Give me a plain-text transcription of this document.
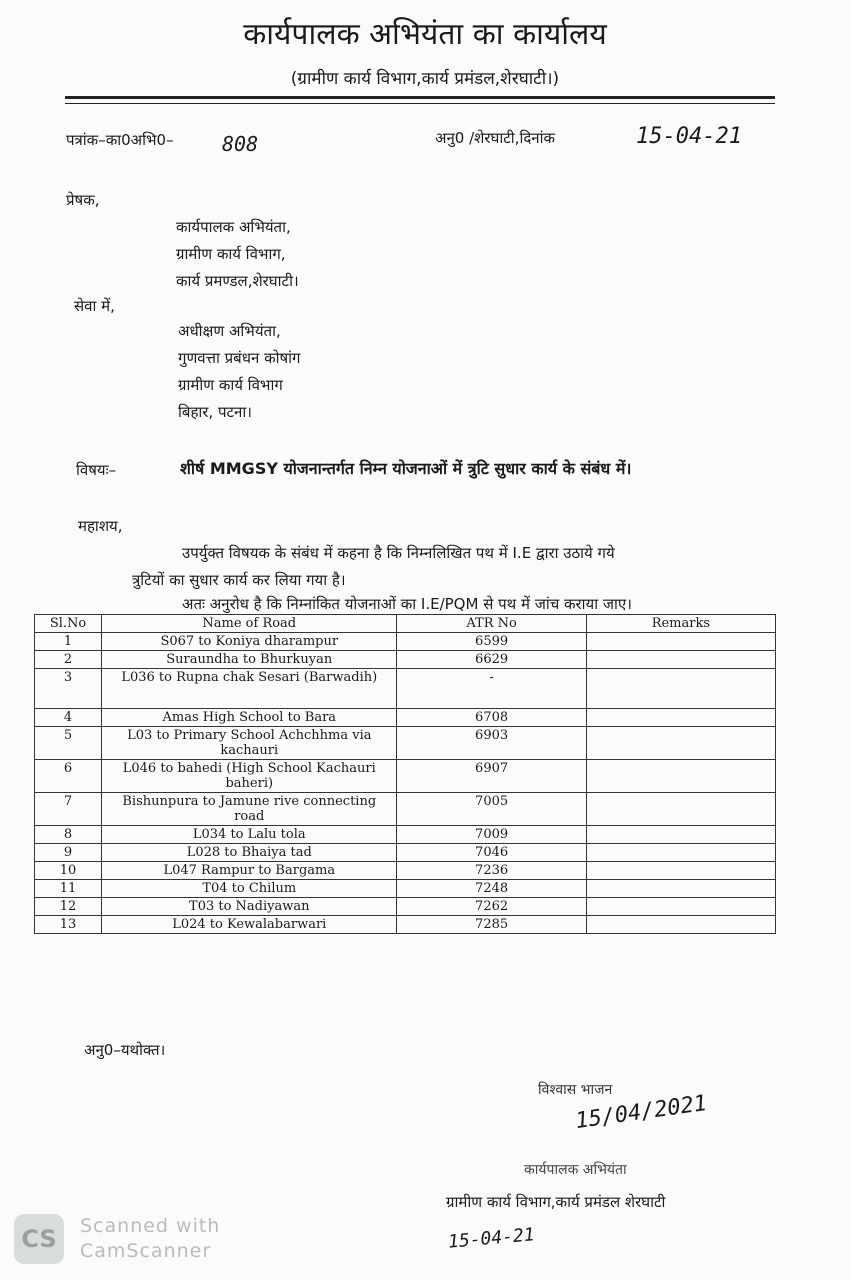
कार्यपालक अभियंता का कार्यालय
(ग्रामीण कार्य विभाग,कार्य प्रमंडल,शेरघाटी।)
पत्रांक–का0अभि0– 808	अनु0 /शेरघाटी,दिनांक	15-04-21
प्रेषक,
कार्यपालक अभियंता,
ग्रामीण कार्य विभाग,
कार्य प्रमण्डल,शेरघाटी।
सेवा में,
अधीक्षण अभियंता,
गुणवत्ता प्रबंधन कोषांग
ग्रामीण कार्य विभाग
बिहार, पटना।
विषयः–	शीर्ष MMGSY योजनान्तर्गत निम्न योजनाओं में त्रुटि सुधार कार्य के संबंध में।
महाशय,
उपर्युक्त विषयक के संबंध में कहना है कि निम्नलिखित पथ में I.E द्वारा उठाये गये
त्रुटियों का सुधार कार्य कर लिया गया है।
अतः अनुरोध है कि निम्नांकित योजनाओं का I.E/PQM से पथ में जांच कराया जाए।
Sl.No	Name of Road	ATR No	Remarks
1	S067 to Koniya dharampur	6599	
2	Suraundha to Bhurkuyan	6629	
3	L036 to Rupna chak Sesari (Barwadih)	-	
4	Amas High School to Bara	6708	
5	L03 to Primary School Achchhma via kachauri	6903	
6	L046 to bahedi (High School Kachauri baheri)	6907	
7	Bishunpura to Jamune rive connecting road	7005	
8	L034 to Lalu tola	7009	
9	L028 to Bhaiya tad	7046	
10	L047 Rampur to Bargama	7236	
11	T04 to Chilum	7248	
12	T03 to Nadiyawan	7262	
13	L024 to Kewalabarwari	7285	
अनु0–यथोक्त।
विश्वास भाजन
15/04/2021
कार्यपालक अभियंता
ग्रामीण कार्य विभाग,कार्य प्रमंडल शेरघाटी
15-04-21
CS	Scanned with
CamScanner
